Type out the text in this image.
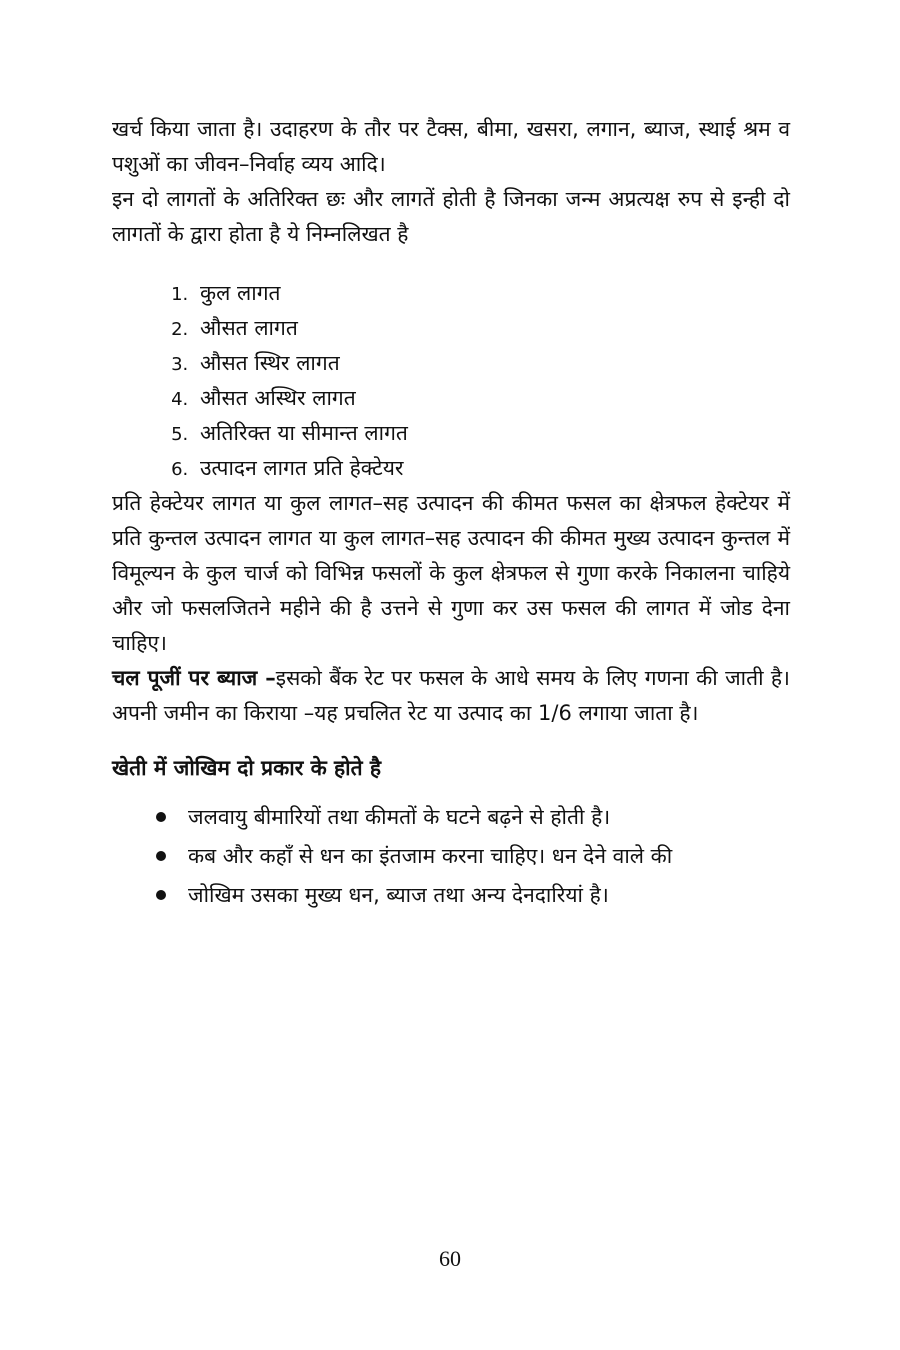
खर्च किया जाता है। उदाहरण के तौर पर टैक्स, बीमा, खसरा, लगान, ब्याज, स्थाई श्रम व पशुओं का जीवन–निर्वाह व्यय आदि।

इन दो लागतों के अतिरिक्त छः और लागतें होती है जिनका जन्म अप्रत्यक्ष रुप से इन्ही दो लागतों के द्वारा होता है ये निम्नलिखत है

1. कुल लागत
2. औसत लागत
3. औसत स्थिर लागत
4. औसत अस्थिर लागत
5. अतिरिक्त या सीमान्त लागत
6. उत्पादन लागत प्रति हेक्टेयर

प्रति हेक्टेयर लागत या कुल लागत–सह उत्पादन की कीमत फसल का क्षेत्रफल हेक्टेयर में प्रति कुन्तल उत्पादन लागत या कुल लागत–सह उत्पादन की कीमत मुख्य उत्पादन कुन्तल में विमूल्यन के कुल चार्ज को विभिन्न फसलों के कुल क्षेत्रफल से गुणा करके निकालना चाहिये और जो फसलजितने महीने की है उत्तने से गुणा कर उस फसल की लागत में जोड देना चाहिए।

चल पूजीं पर ब्याज –इसको बैंक रेट पर फसल के आधे समय के लिए गणना की जाती है। अपनी जमीन का किराया –यह प्रचलित रेट या उत्पाद का 1/6 लगाया जाता है।

खेती में जोखिम दो प्रकार के होते है
जलवायु बीमारियों तथा कीमतों के घटने बढ़ने से होती है।
कब और कहाँ से धन का इंतजाम करना चाहिए। धन देने वाले की
जोखिम उसका मुख्य धन, ब्याज तथा अन्य देनदारियां है।
60
